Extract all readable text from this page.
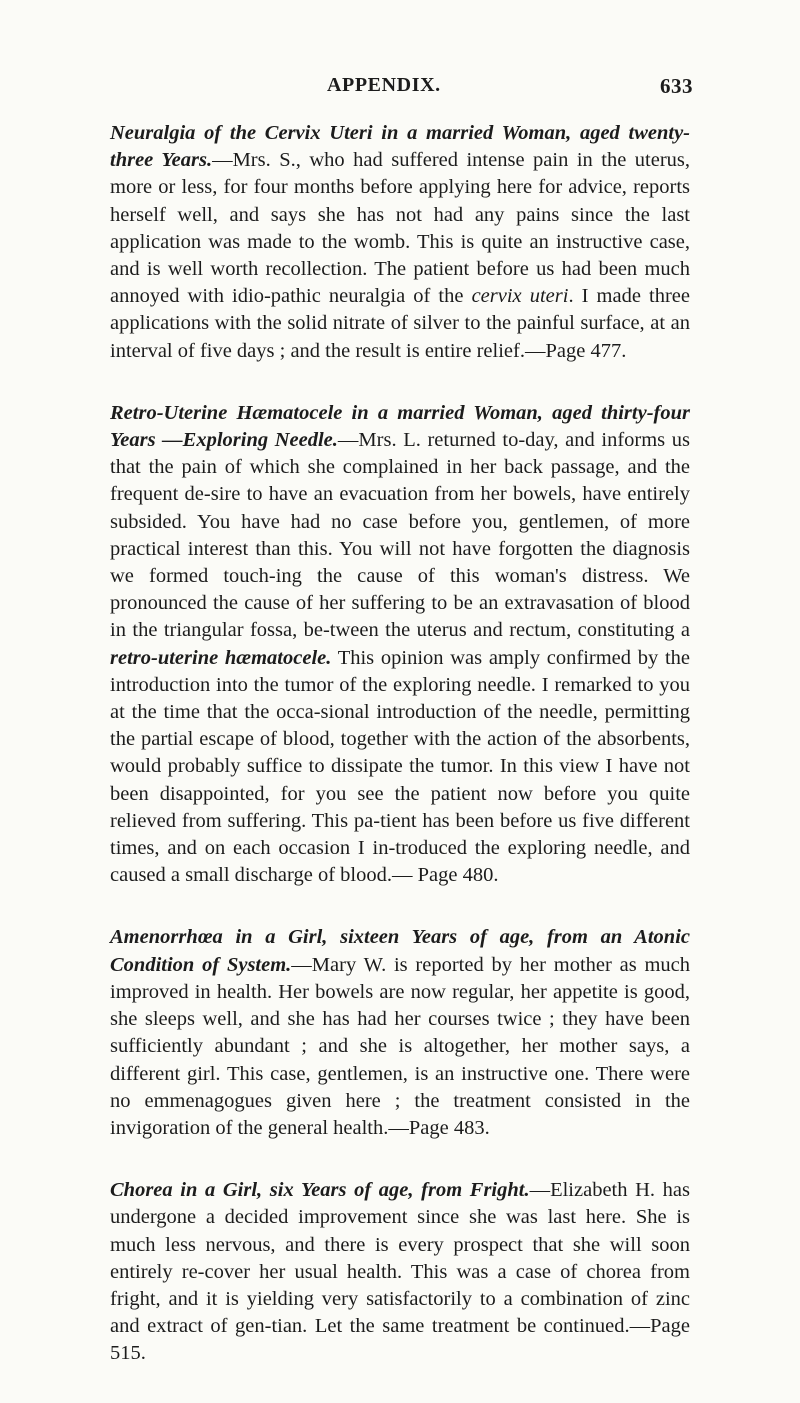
APPENDIX.	633

Neuralgia of the Cervix Uteri in a married Woman, aged twenty-three Years.—Mrs. S., who had suffered intense pain in the uterus, more or less, for four months before applying here for advice, reports herself well, and says she has not had any pains since the last application was made to the womb. This is quite an instructive case, and is well worth recollection. The patient before us had been much annoyed with idio-pathic neuralgia of the cervix uteri. I made three applications with the solid nitrate of silver to the painful surface, at an interval of five days ; and the result is entire relief.—Page 477.

Retro-Uterine Hæmatocele in a married Woman, aged thirty-four Years —Exploring Needle.—Mrs. L. returned to-day, and informs us that the pain of which she complained in her back passage, and the frequent de-sire to have an evacuation from her bowels, have entirely subsided. You have had no case before you, gentlemen, of more practical interest than this. You will not have forgotten the diagnosis we formed touch-ing the cause of this woman's distress. We pronounced the cause of her suffering to be an extravasation of blood in the triangular fossa, be-tween the uterus and rectum, constituting a retro-uterine hæmatocele. This opinion was amply confirmed by the introduction into the tumor of the exploring needle. I remarked to you at the time that the occa-sional introduction of the needle, permitting the partial escape of blood, together with the action of the absorbents, would probably suffice to dissipate the tumor. In this view I have not been disappointed, for you see the patient now before you quite relieved from suffering. This pa-tient has been before us five different times, and on each occasion I in-troduced the exploring needle, and caused a small discharge of blood.— Page 480.

Amenorrhœa in a Girl, sixteen Years of age, from an Atonic Condition of System.—Mary W. is reported by her mother as much improved in health. Her bowels are now regular, her appetite is good, she sleeps well, and she has had her courses twice ; they have been sufficiently abundant ; and she is altogether, her mother says, a different girl. This case, gentlemen, is an instructive one. There were no emmenagogues given here ; the treatment consisted in the invigoration of the general health.—Page 483.

Chorea in a Girl, six Years of age, from Fright.—Elizabeth H. has undergone a decided improvement since she was last here. She is much less nervous, and there is every prospect that she will soon entirely re-cover her usual health. This was a case of chorea from fright, and it is yielding very satisfactorily to a combination of zinc and extract of gen-tian. Let the same treatment be continued.—Page 515.
